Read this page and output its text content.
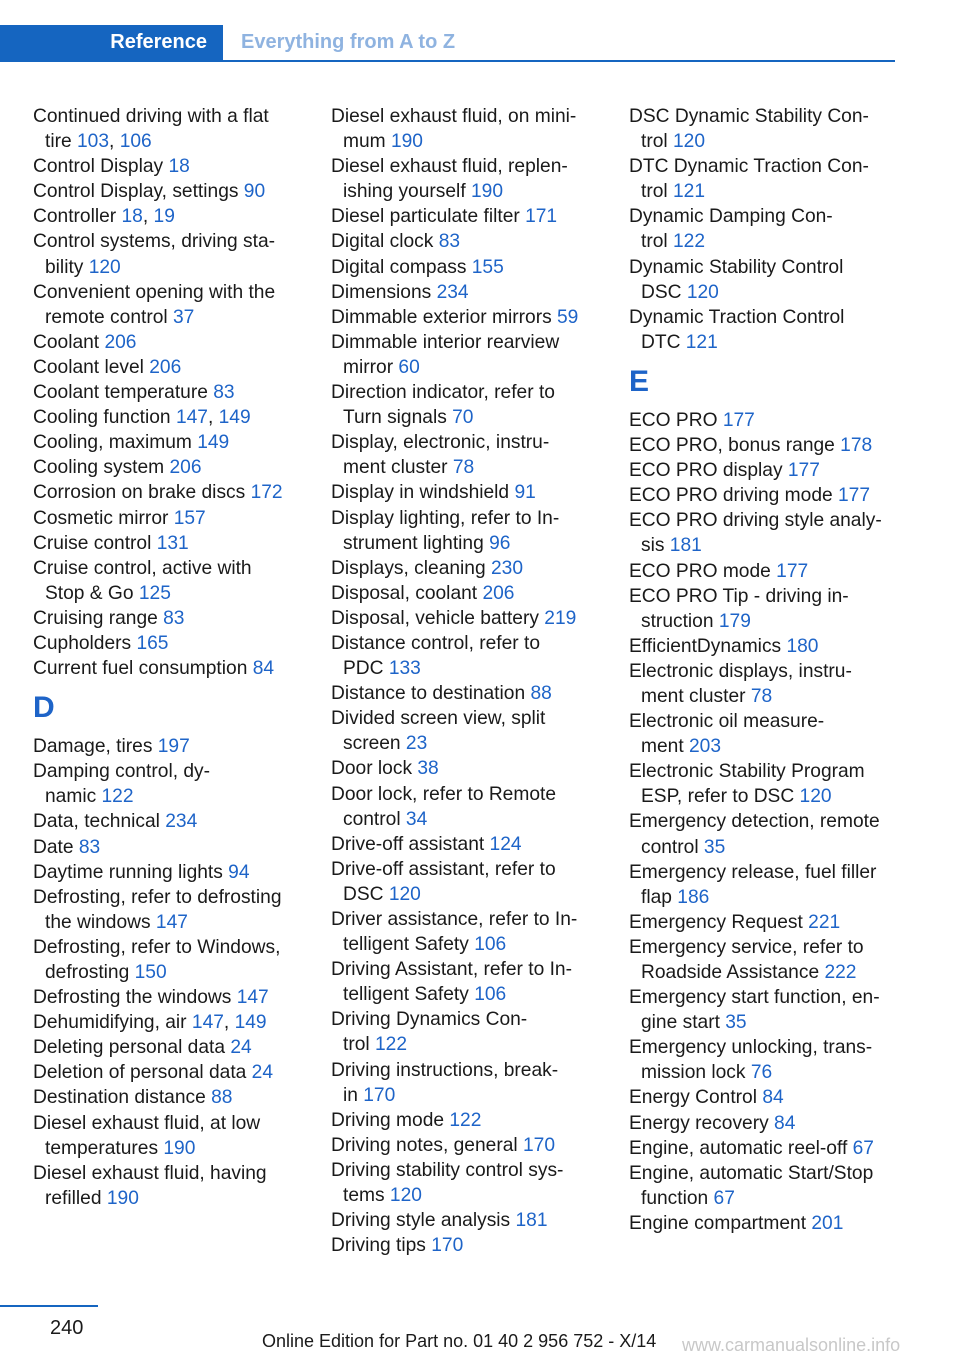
Reference	Everything from A to Z
Continued driving with a flat
tire 103, 106
Control Display 18
Control Display, settings 90
Controller 18, 19
Control systems, driving sta-
bility 120
Convenient opening with the
remote control 37
Coolant 206
Coolant level 206
Coolant temperature 83
Cooling function 147, 149
Cooling, maximum 149
Cooling system 206
Corrosion on brake discs 172
Cosmetic mirror 157
Cruise control 131
Cruise control, active with
Stop & Go 125
Cruising range 83
Cupholders 165
Current fuel consumption 84
D
Damage, tires 197
Damping control, dy-
namic 122
Data, technical 234
Date 83
Daytime running lights 94
Defrosting, refer to defrosting
the windows 147
Defrosting, refer to Windows,
defrosting 150
Defrosting the windows 147
Dehumidifying, air 147, 149
Deleting personal data 24
Deletion of personal data 24
Destination distance 88
Diesel exhaust fluid, at low
temperatures 190
Diesel exhaust fluid, having
refilled 190
Diesel exhaust fluid, on mini-
mum 190
Diesel exhaust fluid, replen-
ishing yourself 190
Diesel particulate filter 171
Digital clock 83
Digital compass 155
Dimensions 234
Dimmable exterior mirrors 59
Dimmable interior rearview
mirror 60
Direction indicator, refer to
Turn signals 70
Display, electronic, instru-
ment cluster 78
Display in windshield 91
Display lighting, refer to In-
strument lighting 96
Displays, cleaning 230
Disposal, coolant 206
Disposal, vehicle battery 219
Distance control, refer to
PDC 133
Distance to destination 88
Divided screen view, split
screen 23
Door lock 38
Door lock, refer to Remote
control 34
Drive-off assistant 124
Drive-off assistant, refer to
DSC 120
Driver assistance, refer to In-
telligent Safety 106
Driving Assistant, refer to In-
telligent Safety 106
Driving Dynamics Con-
trol 122
Driving instructions, break-
in 170
Driving mode 122
Driving notes, general 170
Driving stability control sys-
tems 120
Driving style analysis 181
Driving tips 170
DSC Dynamic Stability Con-
trol 120
DTC Dynamic Traction Con-
trol 121
Dynamic Damping Con-
trol 122
Dynamic Stability Control
DSC 120
Dynamic Traction Control
DTC 121
E
ECO PRO 177
ECO PRO, bonus range 178
ECO PRO display 177
ECO PRO driving mode 177
ECO PRO driving style analy-
sis 181
ECO PRO mode 177
ECO PRO Tip - driving in-
struction 179
EfficientDynamics 180
Electronic displays, instru-
ment cluster 78
Electronic oil measure-
ment 203
Electronic Stability Program
ESP, refer to DSC 120
Emergency detection, remote
control 35
Emergency release, fuel filler
flap 186
Emergency Request 221
Emergency service, refer to
Roadside Assistance 222
Emergency start function, en-
gine start 35
Emergency unlocking, trans-
mission lock 76
Energy Control 84
Energy recovery 84
Engine, automatic reel-off 67
Engine, automatic Start/Stop
function 67
Engine compartment 201
240
Online Edition for Part no. 01 40 2 956 752 - X/14 www.carmanualsonline.info
